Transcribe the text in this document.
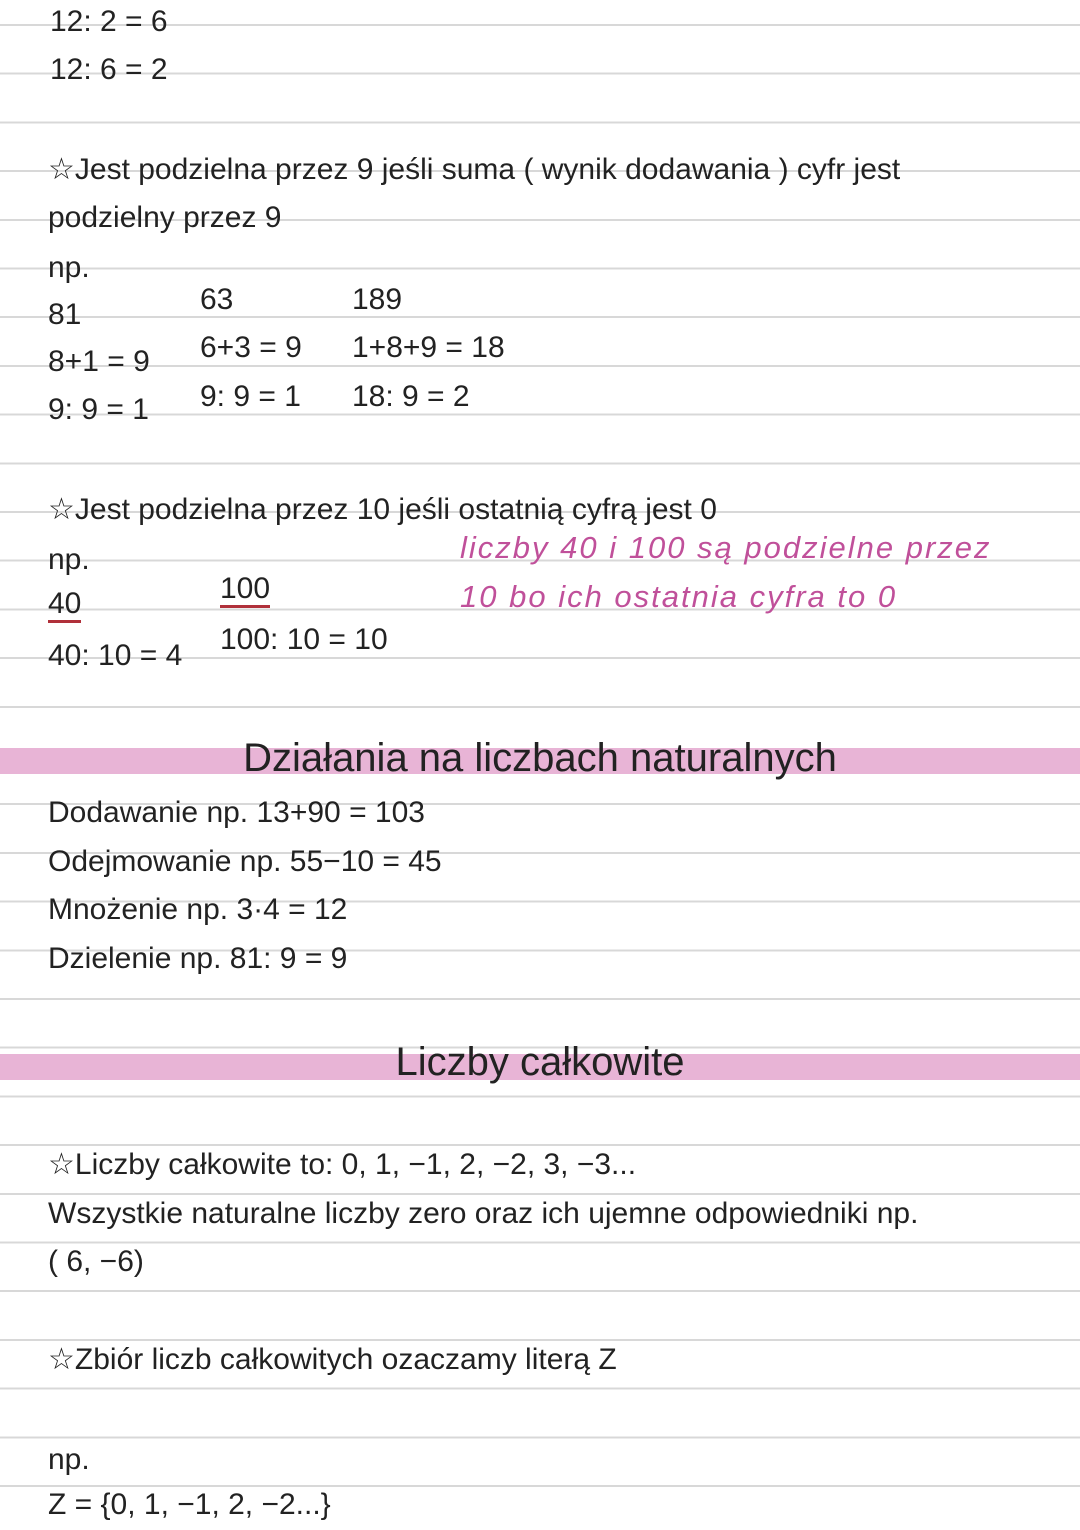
12: 2 = 6
12: 6 = 2
☆Jest podzielna przez 9 jeśli suma ( wynik dodawania ) cyfr jest
podzielny przez 9
np.
81
8+1 = 9
9: 9 = 1
63
6+3 = 9
9: 9 = 1
189
1+8+9 = 18
18: 9 = 2
☆Jest podzielna przez 10 jeśli ostatnią cyfrą jest 0
np.
40
40: 10 = 4
100
100: 10 = 10
liczby 40 i 100 są podzielne przez
10 bo ich ostatnia cyfra to 0
Działania na liczbach naturalnych
Dodawanie np. 13+90 = 103
Odejmowanie np. 55−10 = 45
Mnożenie np. 3·4 = 12
Dzielenie np. 81: 9 = 9
Liczby całkowite
☆Liczby całkowite to: 0, 1, −1, 2, −2, 3, −3...
Wszystkie naturalne liczby zero oraz ich ujemne odpowiedniki np.
( 6, −6)
☆Zbiór liczb całkowitych ozaczamy literą Z
np.
Z = {0, 1, −1, 2, −2...}
